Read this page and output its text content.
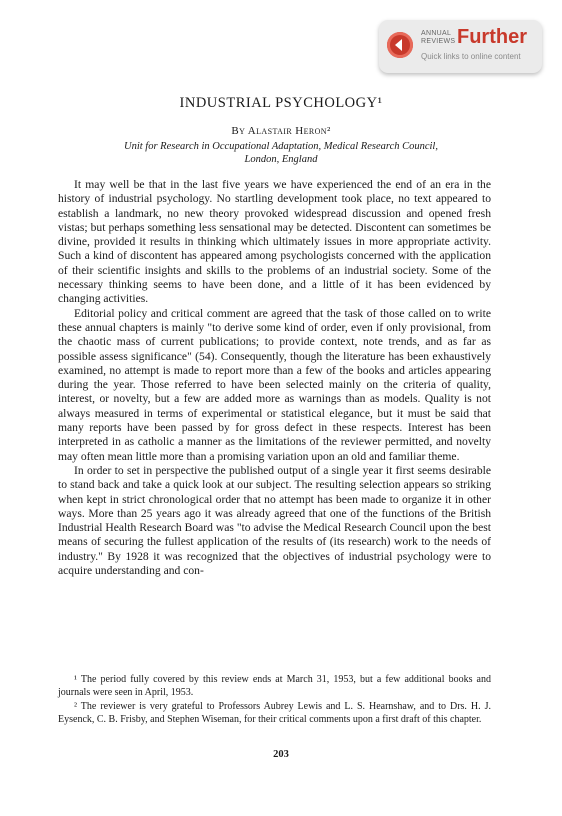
ANNUAL
REVIEWS Further
Quick links to online content
INDUSTRIAL PSYCHOLOGY¹
By Alastair Heron²
Unit for Research in Occupational Adaptation, Medical Research Council,
London, England

It may well be that in the last five years we have experienced the end of an era in the history of industrial psychology. No startling development took place, no text appeared to establish a landmark, no new theory provoked widespread discussion and opened fresh vistas; but perhaps something less sensational may be detected. Discontent can sometimes be divine, provided it results in thinking which ultimately issues in more appropriate activity. Such a kind of discontent has appeared among psychologists concerned with the application of their scientific insights and skills to the problems of an industrial society. Some of the necessary thinking seems to have been done, and a little of it has been evidenced by changing activities.

Editorial policy and critical comment are agreed that the task of those called on to write these annual chapters is mainly "to derive some kind of order, even if only provisional, from the chaotic mass of current publications; to provide context, note trends, and as far as possible assess significance" (54). Consequently, though the literature has been exhaustively examined, no attempt is made to report more than a few of the books and articles appearing during the year. Those referred to have been selected mainly on the criteria of quality, interest, or novelty, but a few are added more as warnings than as models. Quality is not always measured in terms of experimental or statistical elegance, but it must be said that many reports have been passed by for gross defect in these respects. Interest has been interpreted in as catholic a manner as the limitations of the reviewer permitted, and novelty may often mean little more than a promising variation upon an old and familiar theme.

In order to set in perspective the published output of a single year it first seems desirable to stand back and take a quick look at our subject. The resulting selection appears so striking when kept in strict chronological order that no attempt has been made to organize it in other ways. More than 25 years ago it was already agreed that one of the functions of the British Industrial Health Research Board was "to advise the Medical Research Council upon the best means of securing the fullest application of the results of (its research) work to the needs of industry." By 1928 it was recognized that the objectives of industrial psychology were to acquire understanding and con-

¹ The period fully covered by this review ends at March 31, 1953, but a few additional books and journals were seen in April, 1953.

² The reviewer is very grateful to Professors Aubrey Lewis and L. S. Hearnshaw, and to Drs. H. J. Eysenck, C. B. Frisby, and Stephen Wiseman, for their critical comments upon a first draft of this chapter.

203
